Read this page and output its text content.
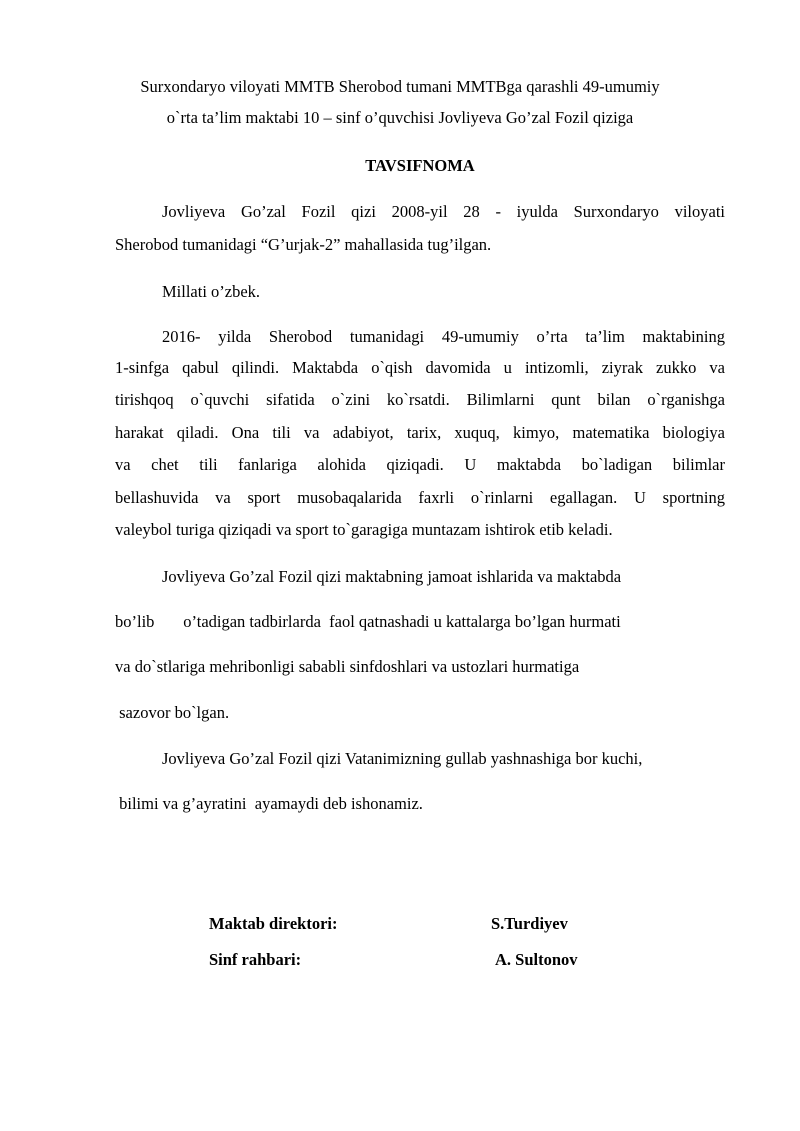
Surxondaryo viloyati MMTB Sherobod tumani MMTBga qarashli 49-umumiy
o`rta ta’lim maktabi 10 – sinf o’quvchisi Jovliyeva Go’zal Fozil qiziga
TAVSIFNOMA
Jovliyeva Go’zal Fozil qizi 2008-yil 28 - iyulda Surxondaryo viloyati
Sherobod tumanidagi “G’urjak-2” mahallasida tug’ilgan.
Millati o’zbek.
2016- yilda Sherobod tumanidagi 49-umumiy o’rta ta’lim maktabining
1-sinfga qabul qilindi. Maktabda o`qish davomida u intizomli, ziyrak zukko va
tirishqoq o`quvchi sifatida o`zini ko`rsatdi. Bilimlarni qunt bilan o`rganishga
harakat qiladi. Ona tili va adabiyot, tarix, xuquq, kimyo, matematika biologiya
va chet tili fanlariga alohida qiziqadi. U maktabda bo`ladigan bilimlar
bellashuvida va sport musobaqalarida faxrli o`rinlarni egallagan. U sportning
valeybol turiga qiziqadi va sport to`garagiga muntazam ishtirok etib keladi.
Jovliyeva Go’zal Fozil qizi maktabning jamoat ishlarida va maktabda
bo’lib       o’tadigan tadbirlarda  faol qatnashadi u kattalarga bo’lgan hurmati
va do`stlariga mehribonligi sababli sinfdoshlari va ustozlari hurmatiga
sazovor bo`lgan.
Jovliyeva Go’zal Fozil qizi Vatanimizning gullab yashnashiga bor kuchi,
bilimi va g’ayratini  ayamaydi deb ishonamiz.
Maktab direktori:	S.Turdiyev
Sinf rahbari:	A. Sultonov
